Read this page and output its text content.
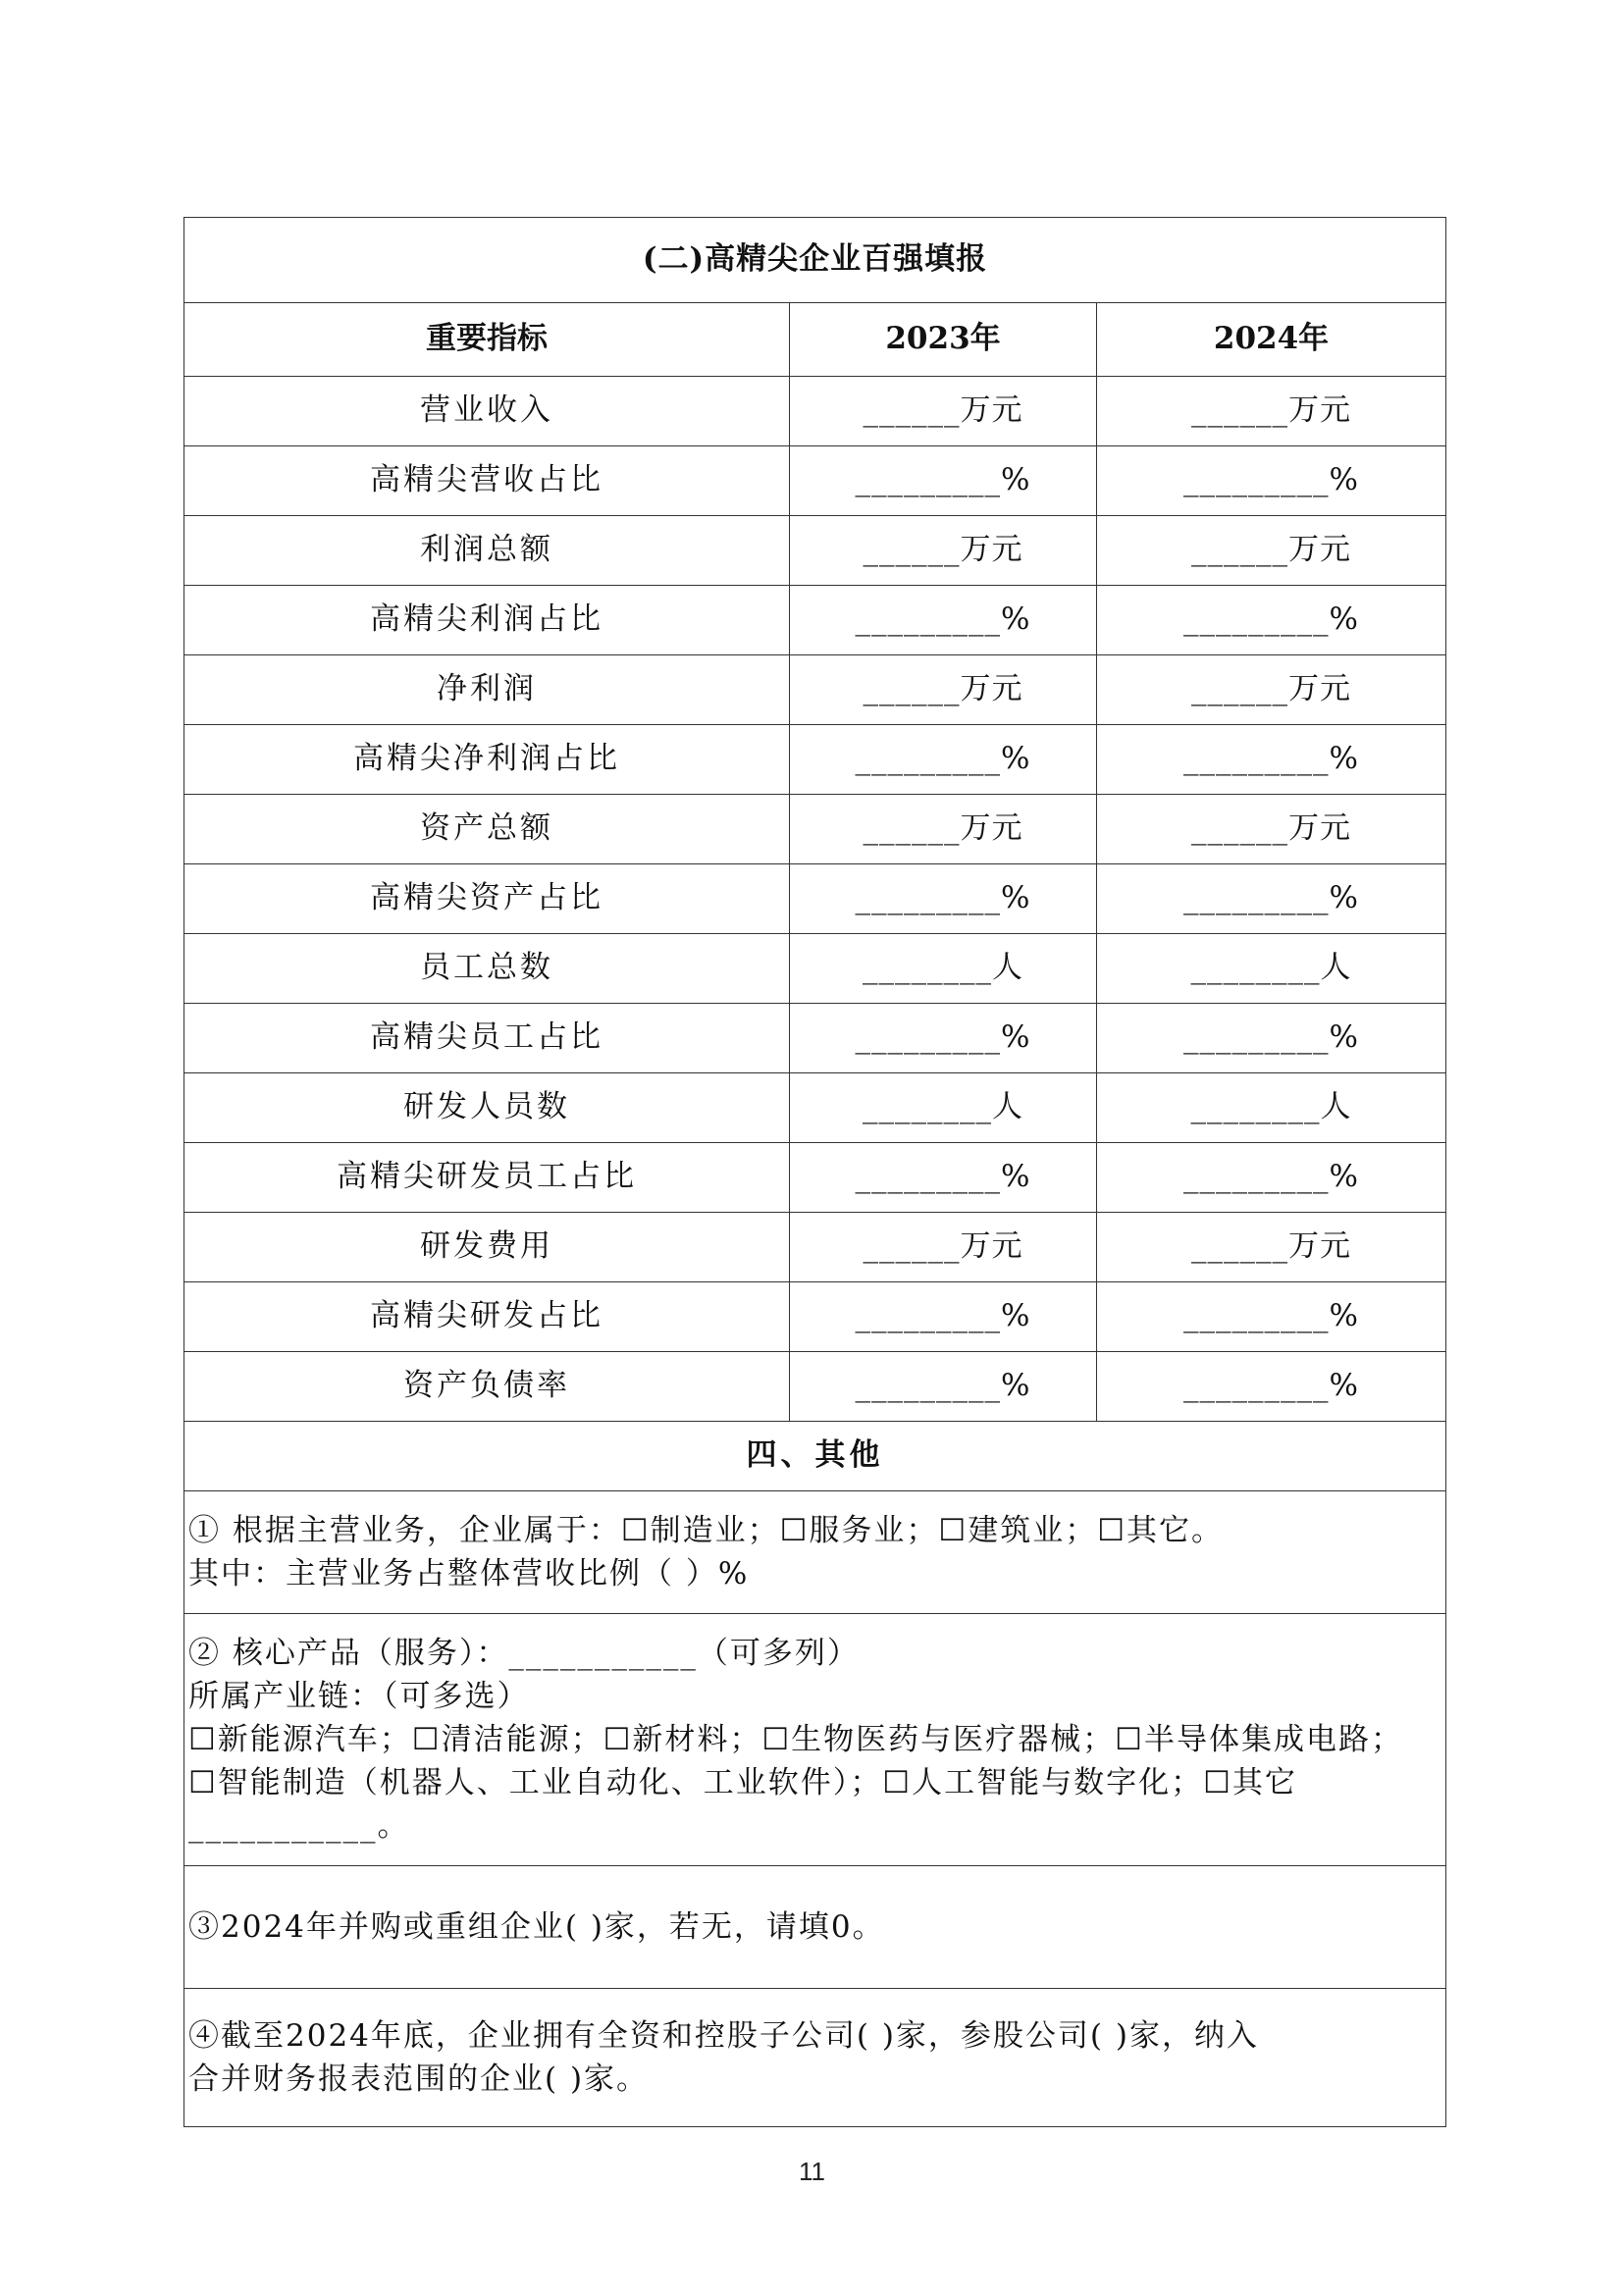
(二)高精尖企业百强填报		
重要指标	2023年	2024年
营业收入	______万元	______万元
高精尖营收占比	_________%	_________%
利润总额	______万元	______万元
高精尖利润占比	_________%	_________%
净利润	______万元	______万元
高精尖净利润占比	_________%	_________%
资产总额	______万元	______万元
高精尖资产占比	_________%	_________%
员工总数	________人	________人
高精尖员工占比	_________%	_________%
研发人员数	________人	________人
高精尖研发员工占比	_________%	_________%
研发费用	______万元	______万元
高精尖研发占比	_________%	_________%
资产负债率	_________%	_________%
四、其他		

① 根据主营业务，企业属于：☐制造业；☐服务业；☐建筑业；☐其它。
其中：主营业务占整体营收比例（ ）%		

② 核心产品（服务）：___________（可多列）
所属产业链：（可多选）
☐新能源汽车；☐清洁能源；☐新材料；☐生物医药与医疗器械；☐半导体集成电路；
☐智能制造（机器人、工业自动化、工业软件）；☐人工智能与数字化；☐其它
___________。		

③2024年并购或重组企业( )家，若无，请填0。		

④截至2024年底，企业拥有全资和控股子公司( )家，参股公司( )家，纳入
合并财务报表范围的企业( )家。		
11
